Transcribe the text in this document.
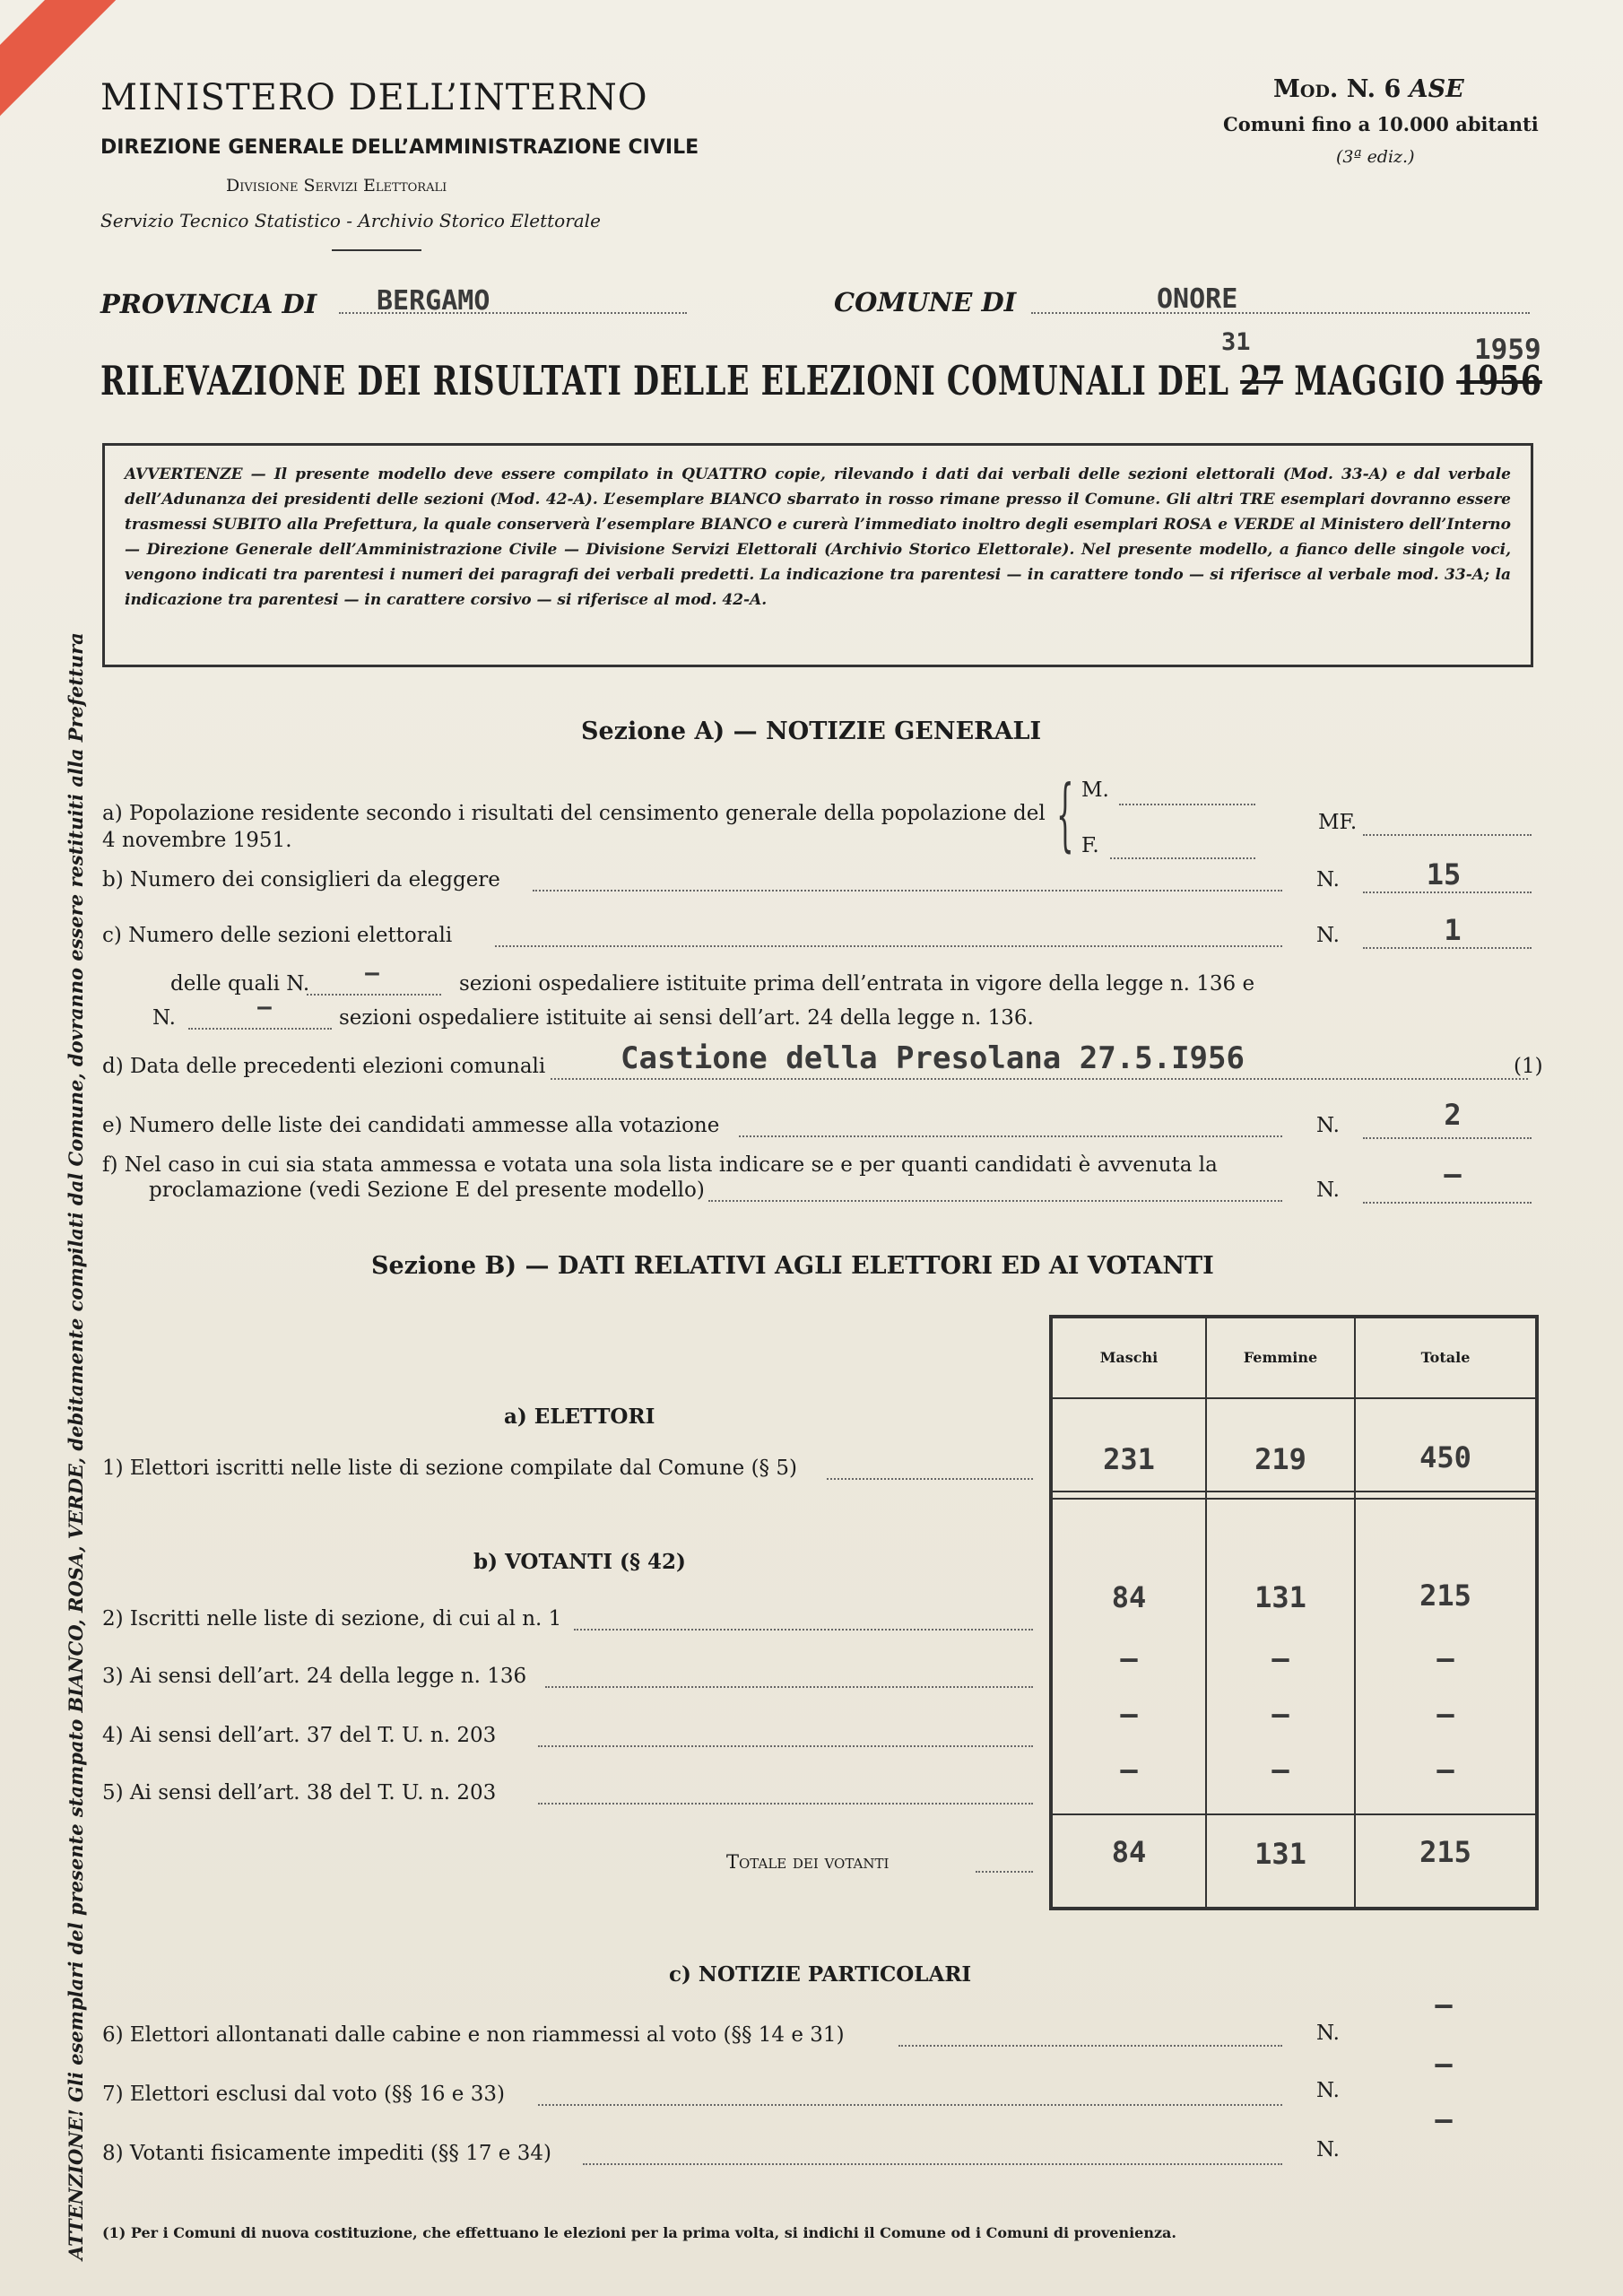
ATTENZIONE! Gli esemplari del presente stampato BIANCO, ROSA, VERDE, debitamente compilati dal Comune, dovranno essere restituiti alla Prefettura
MINISTERO DELL’INTERNO
DIREZIONE GENERALE DELL’AMMINISTRAZIONE CIVILE
Divisione Servizi Elettorali
Servizio Tecnico Statistico - Archivio Storico Elettorale
Mod. N. 6 ASE
Comuni fino a 10.000 abitanti
(3ª ediz.)
PROVINCIA DI BERGAMO	COMUNE DI	ONORE
RILEVAZIONE DEI RISULTATI DELLE ELEZIONI COMUNALI DEL 27 MAGGIO 1956
31	1959
AVVERTENZE — Il presente modello deve essere compilato in QUATTRO copie, rilevando i dati dai verbali delle sezioni elettorali (Mod. 33-A) e dal verbale dell’Adunanza dei presidenti delle sezioni (Mod. 42-A). L’esemplare BIANCO sbarrato in rosso rimane presso il Comune. Gli altri TRE esemplari dovranno essere trasmessi SUBITO alla Prefettura, la quale conserverà l’esemplare BIANCO e curerà l’immediato inoltro degli esemplari ROSA e VERDE al Ministero dell’Interno — Direzione Generale dell’Amministrazione Civile — Divisione Servizi Elettorali (Archivio Storico Elettorale). Nel presente modello, a fianco delle singole voci, vengono indicati tra parentesi i numeri dei paragrafi dei verbali predetti. La indicazione tra parentesi — in carattere tondo — si riferisce al verbale mod. 33-A; la indicazione tra parentesi — in carattere corsivo — si riferisce al mod. 42-A.
Sezione A) — NOTIZIE GENERALI
a) Popolazione residente secondo i risultati del censimento generale della popolazione del 4 novembre 1951.	{ M.
F.
MF.
b) Numero dei consiglieri da eleggere	N.	15
c) Numero delle sezioni elettorali	N.	1
delle quali N.	—	sezioni ospedaliere istituite prima dell’entrata in vigore della legge n. 136 e
N.	—	sezioni ospedaliere istituite ai sensi dell’art. 24 della legge n. 136.
d) Data delle precedenti elezioni comunali Castione della Presolana 27.5.I956	(1)
e) Numero delle liste dei candidati ammesse alla votazione	N.	2
f) Nel caso in cui sia stata ammessa e votata una sola lista indicare se e per quanti candidati è avvenuta la
proclamazione (vedi Sezione E del presente modello)	N.	—
Sezione B) — DATI RELATIVI AGLI ELETTORI ED AI VOTANTI
Maschi	Femmine	Totale
231	219	450
84	131	215
—	—	—
—	—	—
—	—	—
84	131	215
a) ELETTORI
1) Elettori iscritti nelle liste di sezione compilate dal Comune (§ 5)
b) VOTANTI (§ 42)
2) Iscritti nelle liste di sezione, di cui al n. 1
3) Ai sensi dell’art. 24 della legge n. 136
4) Ai sensi dell’art. 37 del T. U. n. 203
5) Ai sensi dell’art. 38 del T. U. n. 203
Totale dei votanti
c) NOTIZIE PARTICOLARI
6) Elettori allontanati dalle cabine e non riammessi al voto (§§ 14 e 31)	N.
—
7) Elettori esclusi dal voto (§§ 16 e 33)	N.
—
8) Votanti fisicamente impediti (§§ 17 e 34)	N.
—
(1) Per i Comuni di nuova costituzione, che effettuano le elezioni per la prima volta, si indichi il Comune od i Comuni di provenienza.
